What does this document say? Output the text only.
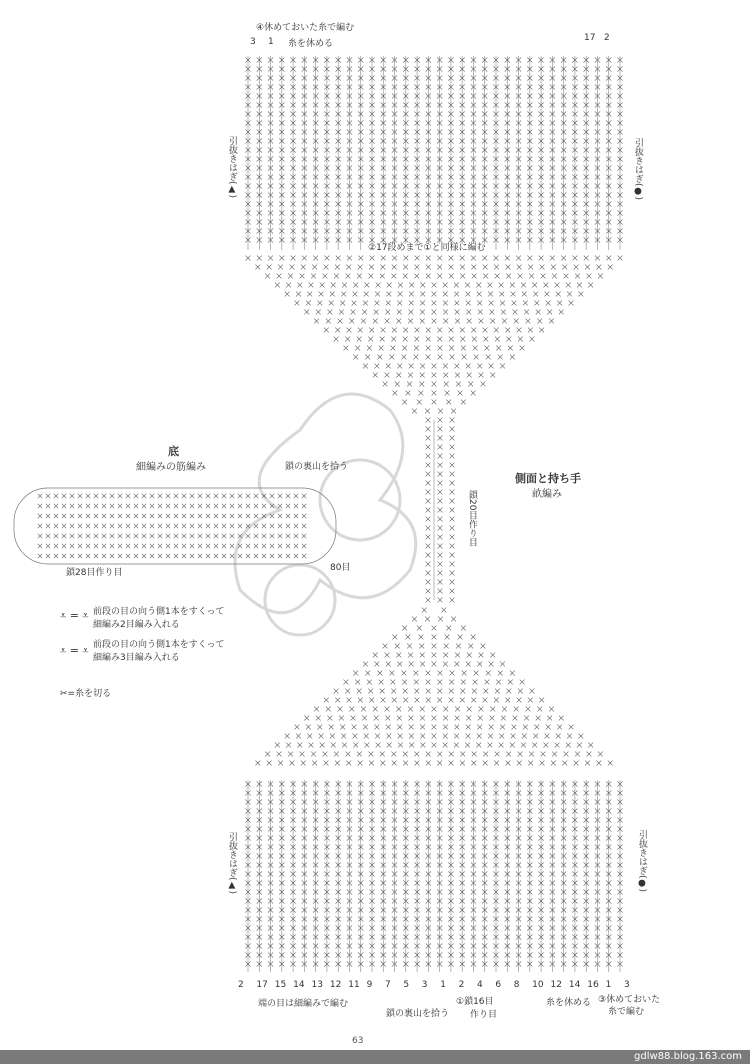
④休めておいた糸で編む
糸を休める
3 1	17 2
引抜きはぎ(▲)	引抜きはぎ(●)
②17段めまで①と同様に編む
底
細編みの筋編み	鎖の裏山を拾う
鎖28目作り目	80目
側面と持ち手
畝編み
鎖20目作り目
⩡ = ⩡ 前段の目の向う側1本をすくって
細編み2目編み入れる
⩡ = ⩡ 前段の目の向う側1本をすくって
細編み3目編み入れる
✂=糸を切る
引抜きはぎ(▲)	引抜きはぎ(●)
2 17 15 14 13 12 11 9 7 5 3 1 2 4 6 8 10 12 14 16 1 3
端の目は細編みで編む
鎖の裏山を拾う
①鎖16目
作り目
糸を休める ③休めておいた
糸で編む
63
gdlw88.blog.163.com
